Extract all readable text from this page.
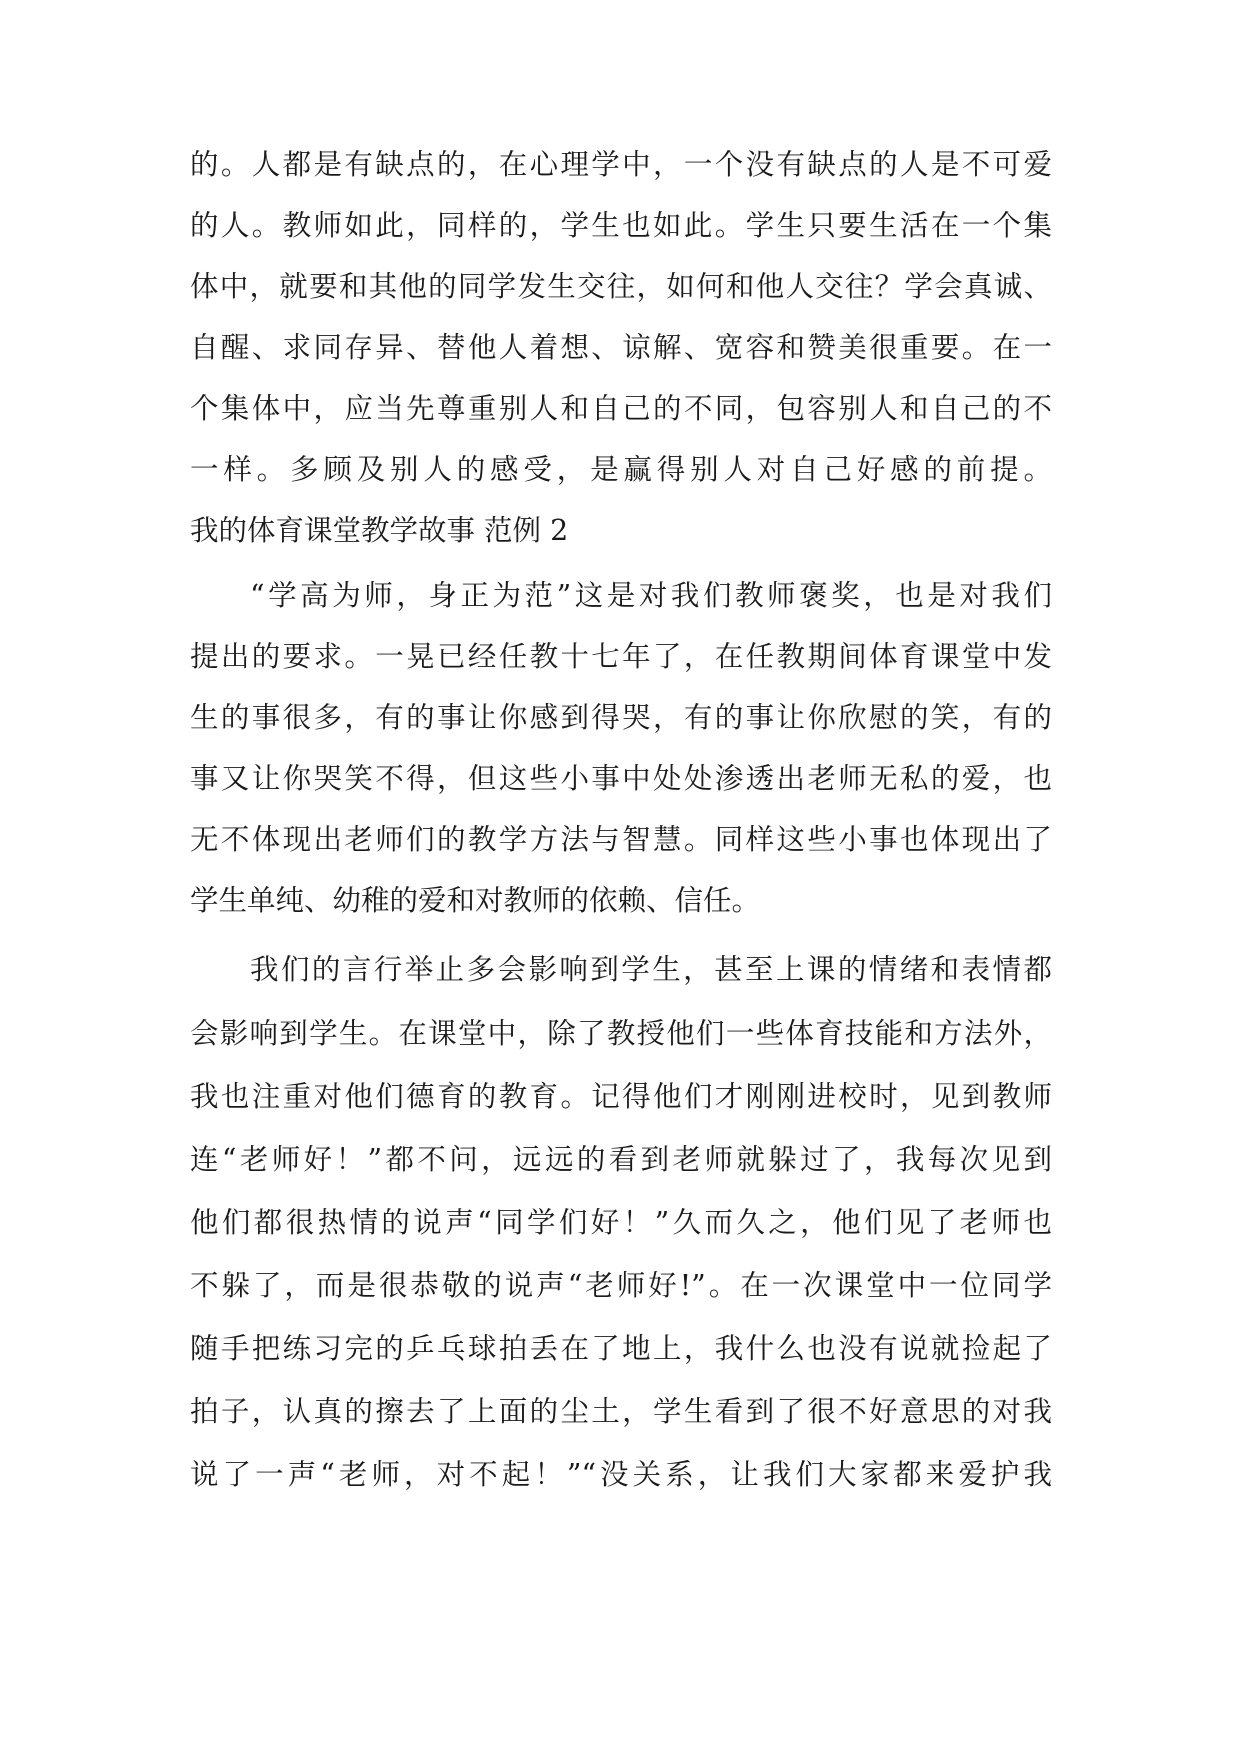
的。人都是有缺点的，在心理学中，一个没有缺点的人是不可爱
的人。教师如此，同样的，学生也如此。学生只要生活在一个集
体中，就要和其他的同学发生交往，如何和他人交往？学会真诚、
自醒、求同存异、替他人着想、谅解、宽容和赞美很重要。在一
个集体中，应当先尊重别人和自己的不同，包容别人和自己的不
一样。多顾及别人的感受，是赢得别人对自己好感的前提。
我的体育课堂教学故事 范例 2
“学高为师，身正为范”这是对我们教师褒奖，也是对我们
提出的要求。一晃已经任教十七年了，在任教期间体育课堂中发
生的事很多，有的事让你感到得哭，有的事让你欣慰的笑，有的
事又让你哭笑不得，但这些小事中处处渗透出老师无私的爱，也
无不体现出老师们的教学方法与智慧。同样这些小事也体现出了
学生单纯、幼稚的爱和对教师的依赖、信任。
我们的言行举止多会影响到学生，甚至上课的情绪和表情都
会影响到学生。在课堂中，除了教授他们一些体育技能和方法外，
我也注重对他们德育的教育。记得他们才刚刚进校时，见到教师
连“老师好！”都不问，远远的看到老师就躲过了，我每次见到
他们都很热情的说声“同学们好！”久而久之，他们见了老师也
不躲了，而是很恭敬的说声“老师好!”。在一次课堂中一位同学
随手把练习完的乒乓球拍丢在了地上，我什么也没有说就捡起了
拍子，认真的擦去了上面的尘土，学生看到了很不好意思的对我
说了一声“老师，对不起！”“没关系，让我们大家都来爱护我
